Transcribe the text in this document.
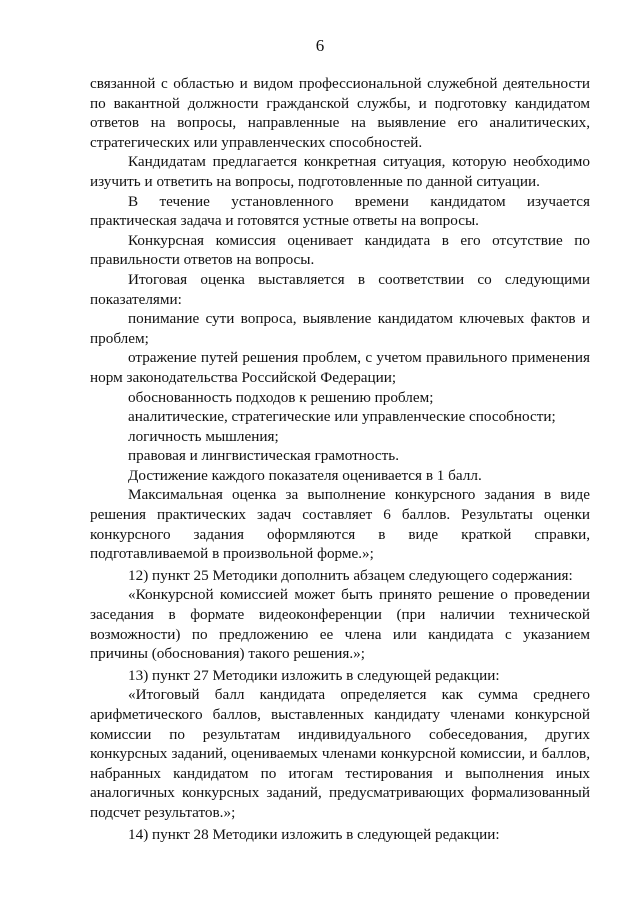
6

связанной с областью и видом профессиональной служебной деятельности по вакантной должности гражданской службы, и подготовку кандидатом ответов на вопросы, направленные на выявление его аналитических, стратегических или управленческих способностей.

Кандидатам предлагается конкретная ситуация, которую необходимо изучить и ответить на вопросы, подготовленные по данной ситуации.

В течение установленного времени кандидатом изучается практическая задача и готовятся устные ответы на вопросы.

Конкурсная комиссия оценивает кандидата в его отсутствие по правильности ответов на вопросы.

Итоговая оценка выставляется в соответствии со следующими показателями:

понимание сути вопроса, выявление кандидатом ключевых фактов и проблем;

отражение путей решения проблем, с учетом правильного применения норм законодательства Российской Федерации;

обоснованность подходов к решению проблем;

аналитические, стратегические или управленческие способности;

логичность мышления;

правовая и лингвистическая грамотность.

Достижение каждого показателя оценивается в 1 балл.

Максимальная оценка за выполнение конкурсного задания в виде решения практических задач составляет 6 баллов. Результаты оценки конкурсного задания оформляются в виде краткой справки, подготавливаемой в произвольной форме.»;

12) пункт 25 Методики дополнить абзацем следующего содержания:

«Конкурсной комиссией может быть принято решение о проведении заседания в формате видеоконференции (при наличии технической возможности) по предложению ее члена или кандидата с указанием причины (обоснования) такого решения.»;

13) пункт 27 Методики изложить в следующей редакции:

«Итоговый балл кандидата определяется как сумма среднего арифметического баллов, выставленных кандидату членами конкурсной комиссии по результатам индивидуального собеседования, других конкурсных заданий, оцениваемых членами конкурсной комиссии, и баллов, набранных кандидатом по итогам тестирования и выполнения иных аналогичных конкурсных заданий, предусматривающих формализованный подсчет результатов.»;

14) пункт 28 Методики изложить в следующей редакции:
